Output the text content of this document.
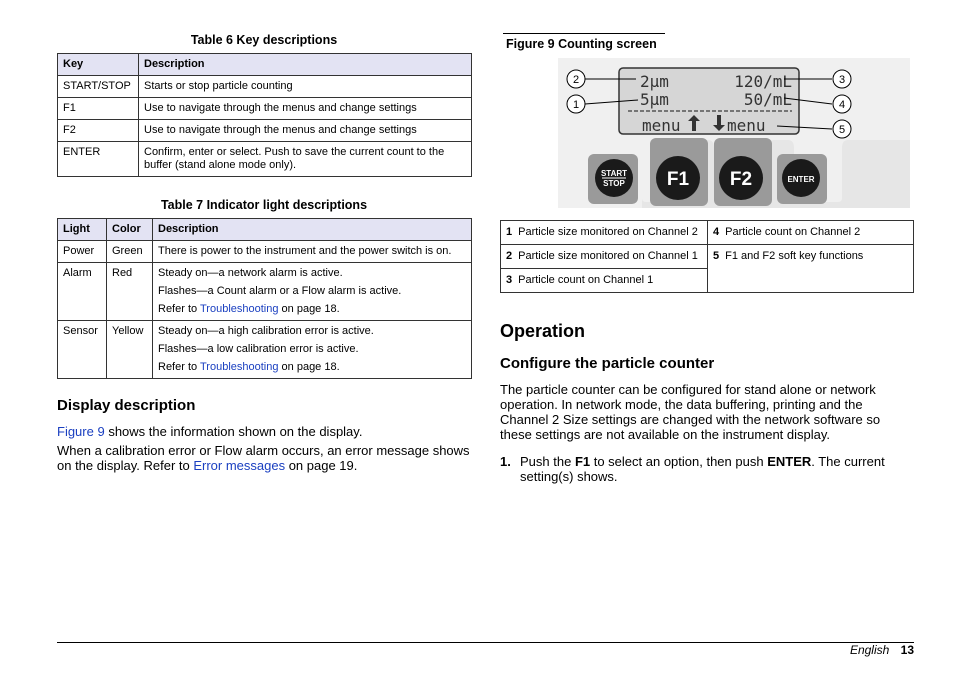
Table 6 Key descriptions
Key	Description
START/STOP	Starts or stop particle counting
F1	Use to navigate through the menus and change settings
F2	Use to navigate through the menus and change settings
ENTER	Confirm, enter or select. Push to save the current count to the buffer (stand alone mode only).
Table 7 Indicator light descriptions
Light	Color	Description
Power	Green	There is power to the instrument and the power switch is on.

Alarm	Red	Steady on—a network alarm is active.
Flashes—a Count alarm or a Flow alarm is active.
Refer to Troubleshooting on page 18.

Sensor	Yellow	Steady on—a high calibration error is active.
Flashes—a low calibration error is active.
Refer to Troubleshooting on page 18.
Display description
Figure 9 shows the information shown on the display.
When a calibration error or Flow alarm occurs, an error message shows on the display. Refer to Error messages on page 19.
Figure 9 Counting screen
START
STOP F1 F2	ENTER
2µm	120∕mL
5µm	50∕mL
menu	menu
2
1
3
4
5
1 Particle size monitored on Channel 2	4 Particle count on Channel 2
2 Particle size monitored on Channel 1	5 F1 and F2 soft key functions
3 Particle count on Channel 1	
Operation
Configure the particle counter
The particle counter can be configured for stand alone or network operation. In network mode, the data buffering, printing and the Channel 2 Size settings are changed with the network software so these settings are not available on the instrument display.
1. Push the F1 to select an option, then push ENTER. The current setting(s) shows.
English 13
